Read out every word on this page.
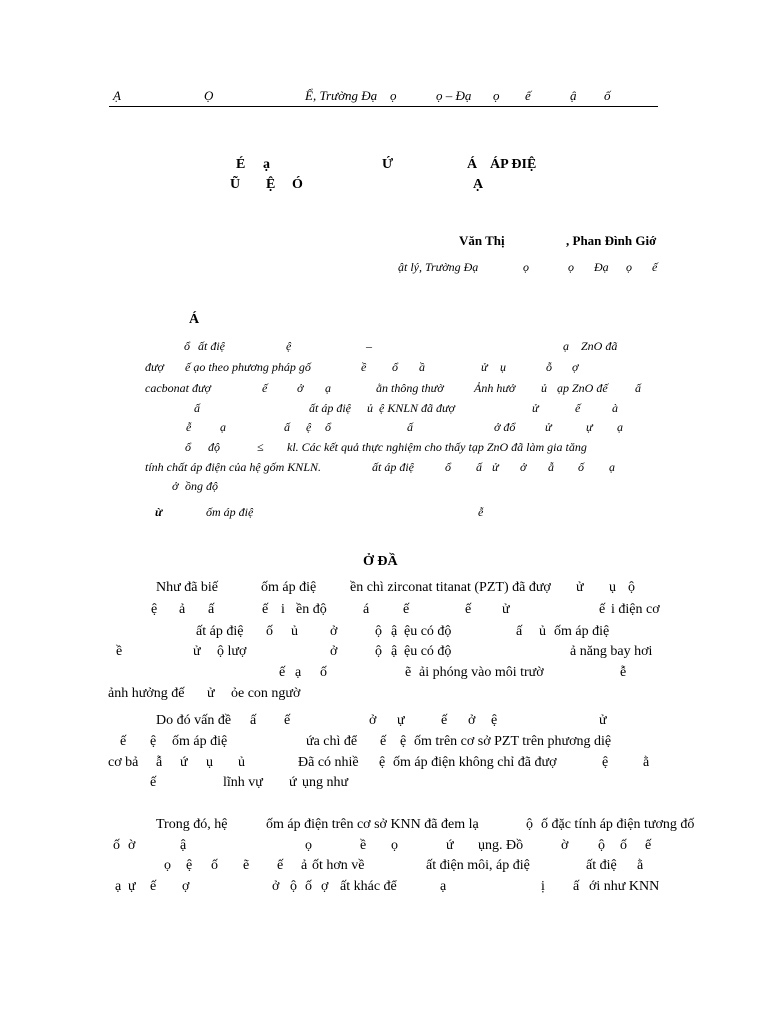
Ạ	Ọ	Ể, Trường Đạ ọ	ọ – Đạ ọ ế	ậ ố
É ạ	Ứ	Á ÁP ĐIỆ
Ũ Ệ Ó	Ạ
Văn Thị	, Phan Đình Giớ
ật lý, Trường Đạ	ọ	ọ Đạ ọ ế
Á
ổ ất điệ	ệ	–	ạ ZnO đã
đượ ế ạo theo phương pháp gố	ề ổ ầ	ử ụ	ỗ ợ
cacbonat đượ	ế ở ạ	ằn thông thườ	Ảnh hưở ủ ạp ZnO đế ấ
ấ	ất áp điệ ủ ệ KNLN đã đượ	ử	ế	à
ễ ạ	ấ ệ ổ	ấ	ở đổ ử	ự ạ
ổ độ	≤ kl. Các kết quả thực nghiệm cho thấy tạp ZnO đã làm gia tăng
tính chất áp điện của hệ gốm KNLN.	ất áp điệ	ổ ấ ử ở ẫ ố ạ
ở ồng độ
ừ	ốm áp điệ	ễ
Ở ĐẦ
Như đã biế	ốm áp điệ ền chì zirconat titanat (PZT) đã đượ ử ụ ộ
ệ ả ấ	ế i ền độ	á ế	ế ử	ế i điện cơ
ất áp điệ ố ủ ở	ộ ậ ệu có độ	ấ ủ ốm áp điệ
ề	ử ộ lượ	ở	ộ ậ ệu có độ	ả năng bay hơi
ế ạ ố	ẽ ải phóng vào môi trườ	ễ
ảnh hưởng đế ử ỏe con ngườ
Do đó vấn đề ấ ế	ở ự	ế ở ệ	ử
ế ệ ốm áp điệ	ứa chì để ế ệ ốm trên cơ sở PZT trên phương diệ
cơ bả ẫ ứ ụ ủ	Đã có nhiề ệ ốm áp điện không chỉ đã đượ	ệ ằ
ế	lĩnh vự ứ ụng như
Trong đó, hệ	ốm áp điện trên cơ sở KNN đã đem lạ	ộ ố đặc tính áp điện tương đố
ố ờ	ậ	ọ	ề ọ	ứ ụng. Đồ	ờ ộ ố ế
ọ ệ ố ẽ ế ả ốt hơn về	ất điện môi, áp điệ	ất điệ ằ
ạ ự ế ợ	ở ộ ố ợ ất khác để	ạ	ị ấ ới như KNN
